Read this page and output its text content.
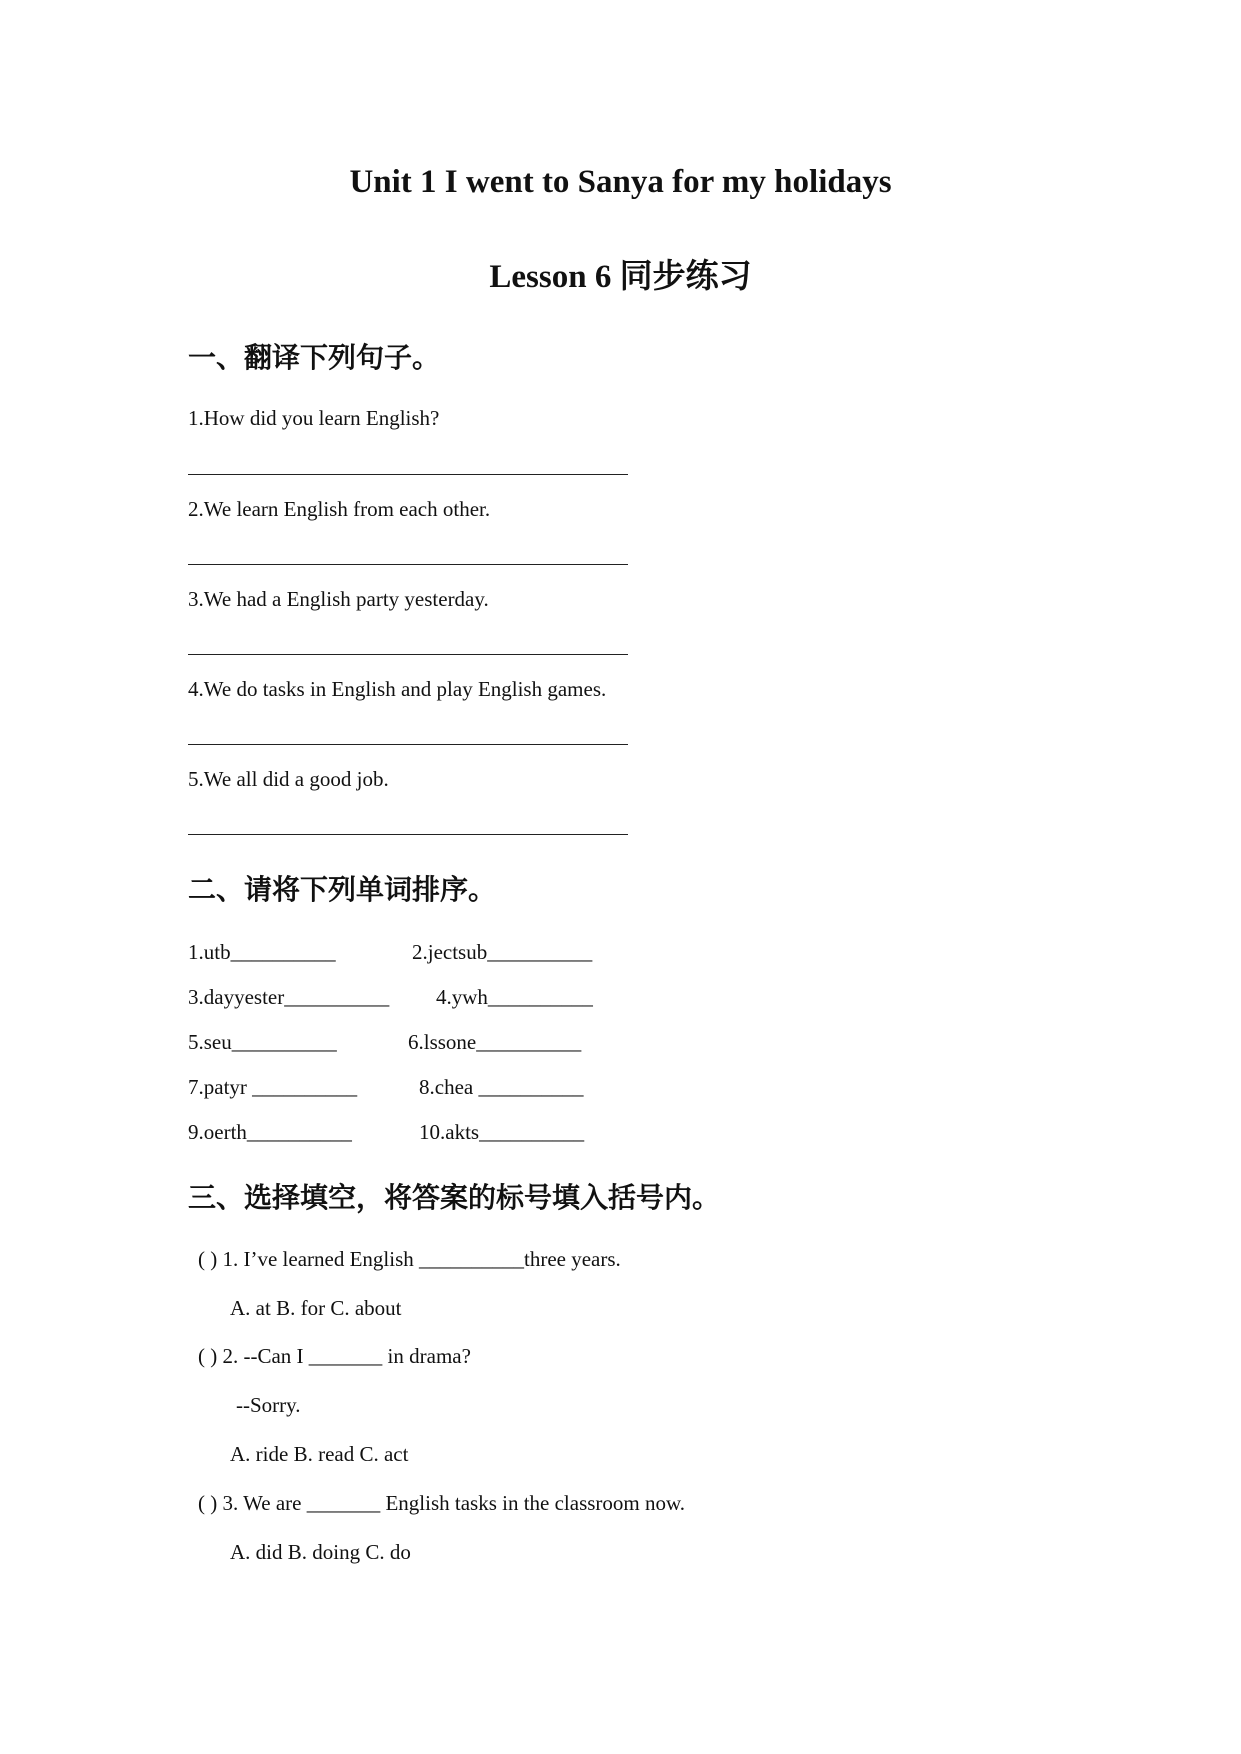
Unit 1 I went to Sanya for my holidays
Lesson 6 同步练习
一、翻译下列句子。
1.How did you learn English?
2.We learn English from each other.
3.We had a English party yesterday.
4.We do tasks in English and play English games.
5.We all did a good job.
二、请将下列单词排序。
1.utb__________	2.jectsub__________
3.dayyester__________ 4.ywh__________
5.seu__________	6.lssone__________
7.patyr __________	8.chea __________
9.oerth__________	10.akts__________
三、选择填空，将答案的标号填入括号内。
( ) 1. I’ve learned English __________three years.
A. at B. for C. about
( ) 2. --Can I _______ in drama?
--Sorry.
A. ride B. read C. act
( ) 3. We are _______ English tasks in the classroom now.
A. did B. doing C. do
